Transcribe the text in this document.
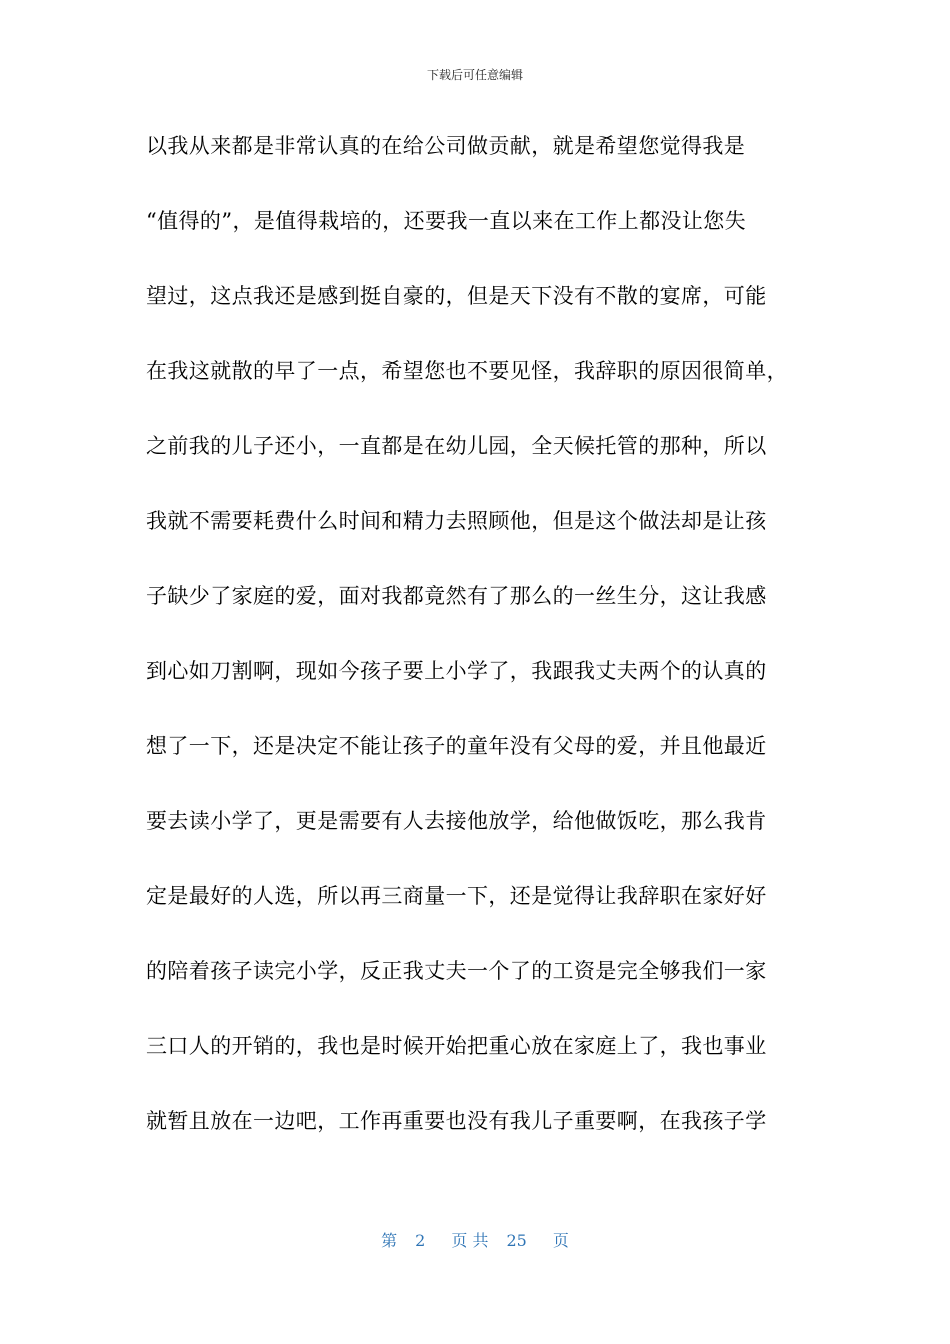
下载后可任意编辑
以我从来都是非常认真的在给公司做贡献，就是希望您觉得我是
“值得的”，是值得栽培的，还要我一直以来在工作上都没让您失
望过，这点我还是感到挺自豪的，但是天下没有不散的宴席，可能
在我这就散的早了一点，希望您也不要见怪，我辞职的原因很简单，
之前我的儿子还小，一直都是在幼儿园，全天候托管的那种，所以
我就不需要耗费什么时间和精力去照顾他，但是这个做法却是让孩
子缺少了家庭的爱，面对我都竟然有了那么的一丝生分，这让我感
到心如刀割啊，现如今孩子要上小学了，我跟我丈夫两个的认真的
想了一下，还是决定不能让孩子的童年没有父母的爱，并且他最近
要去读小学了，更是需要有人去接他放学，给他做饭吃，那么我肯
定是最好的人选，所以再三商量一下，还是觉得让我辞职在家好好
的陪着孩子读完小学，反正我丈夫一个了的工资是完全够我们一家
三口人的开销的，我也是时候开始把重心放在家庭上了，我也事业
就暂且放在一边吧，工作再重要也没有我儿子重要啊，在我孩子学
第 2 页 共 25 页
